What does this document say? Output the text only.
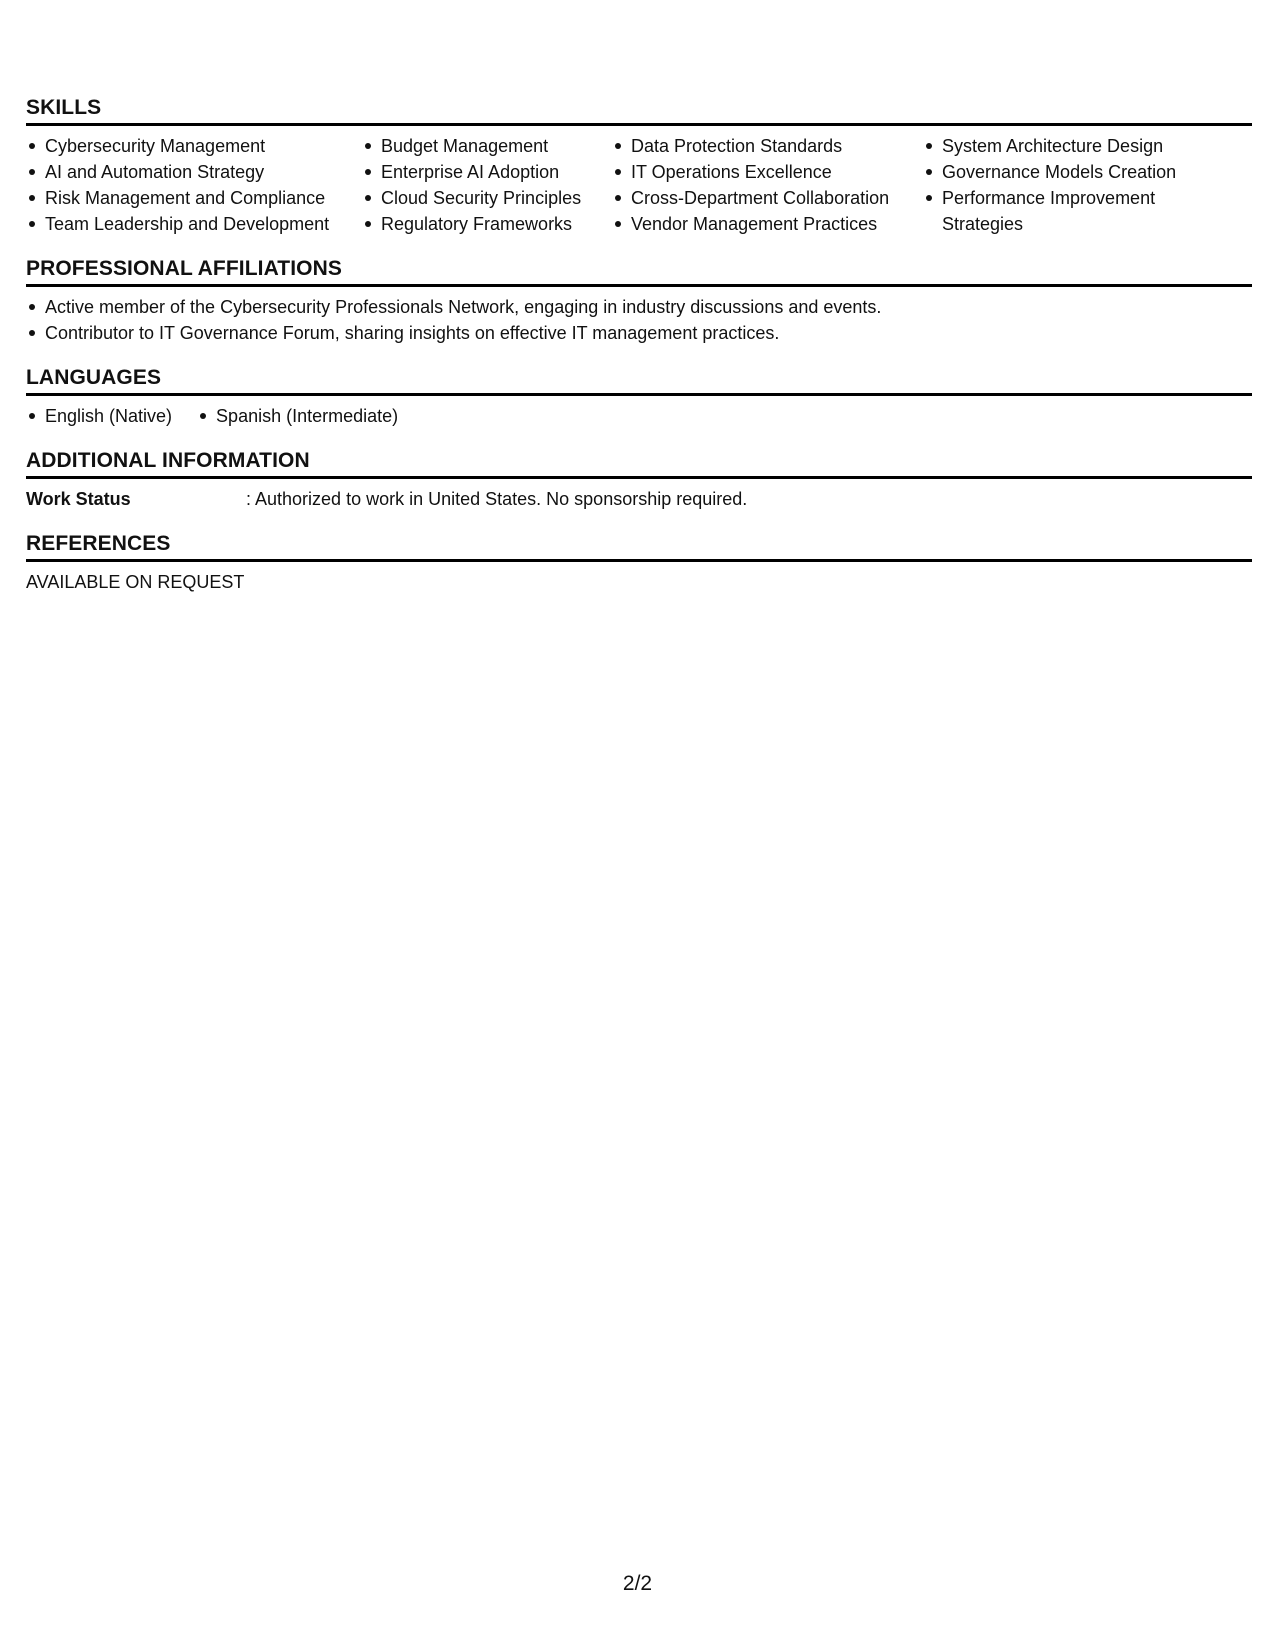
SKILLS
Cybersecurity Management
AI and Automation Strategy
Risk Management and Compliance
Team Leadership and Development
Budget Management
Enterprise AI Adoption
Cloud Security Principles
Regulatory Frameworks
Data Protection Standards
IT Operations Excellence
Cross-Department Collaboration
Vendor Management Practices
System Architecture Design
Governance Models Creation
Performance Improvement Strategies
PROFESSIONAL AFFILIATIONS
Active member of the Cybersecurity Professionals Network, engaging in industry discussions and events.
Contributor to IT Governance Forum, sharing insights on effective IT management practices.
LANGUAGES
English (Native)	Spanish (Intermediate)
ADDITIONAL INFORMATION
Work Status	: Authorized to work in United States. No sponsorship required.
REFERENCES
AVAILABLE ON REQUEST
2/2
